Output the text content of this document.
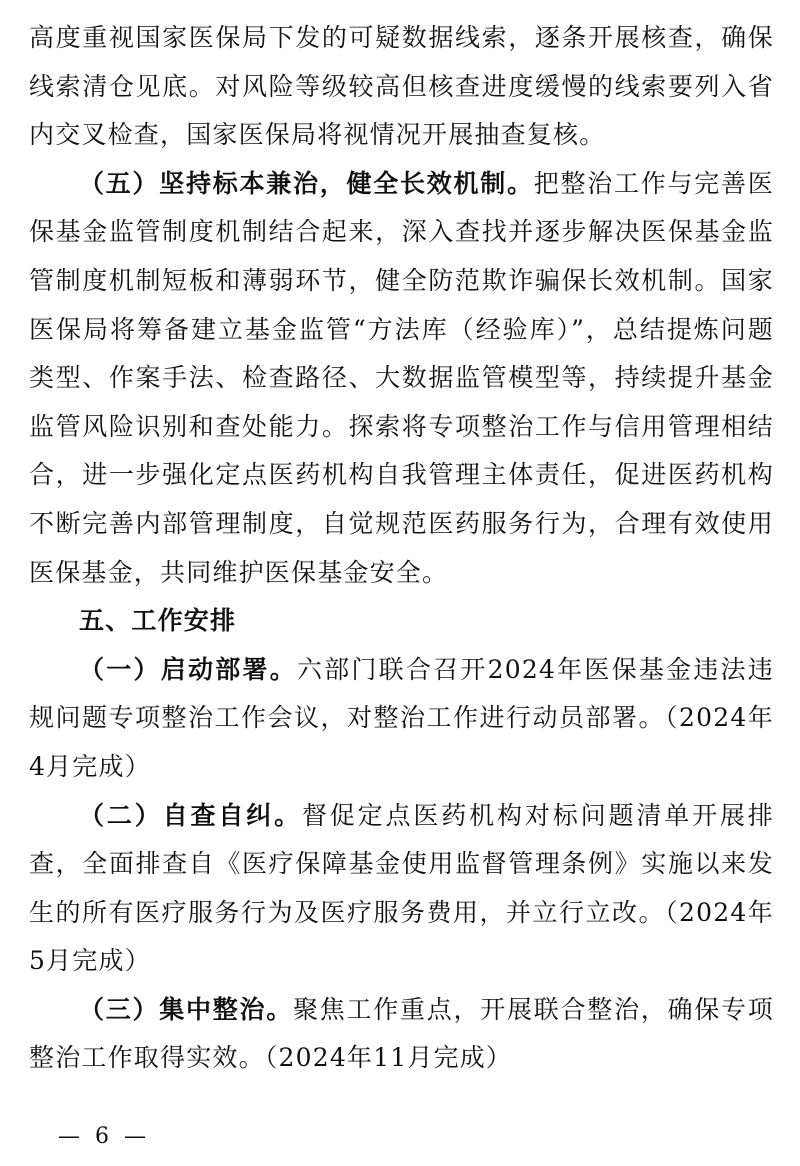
高度重视国家医保局下发的可疑数据线索，逐条开展核查，确保线索清仓见底。对风险等级较高但核查进度缓慢的线索要列入省内交叉检查，国家医保局将视情况开展抽查复核。

（五）坚持标本兼治，健全长效机制。把整治工作与完善医保基金监管制度机制结合起来，深入查找并逐步解决医保基金监管制度机制短板和薄弱环节，健全防范欺诈骗保长效机制。国家医保局将筹备建立基金监管“方法库（经验库）”，总结提炼问题类型、作案手法、检查路径、大数据监管模型等，持续提升基金监管风险识别和查处能力。探索将专项整治工作与信用管理相结合，进一步强化定点医药机构自我管理主体责任，促进医药机构不断完善内部管理制度，自觉规范医药服务行为，合理有效使用医保基金，共同维护医保基金安全。

五、工作安排

（一）启动部署。六部门联合召开2024年医保基金违法违规问题专项整治工作会议，对整治工作进行动员部署。（2024年4月完成）

（二）自查自纠。督促定点医药机构对标问题清单开展排查，全面排查自《医疗保障基金使用监督管理条例》实施以来发生的所有医疗服务行为及医疗服务费用，并立行立改。（2024年5月完成）

（三）集中整治。聚焦工作重点，开展联合整治，确保专项整治工作取得实效。（2024年11月完成）

— 6 —
